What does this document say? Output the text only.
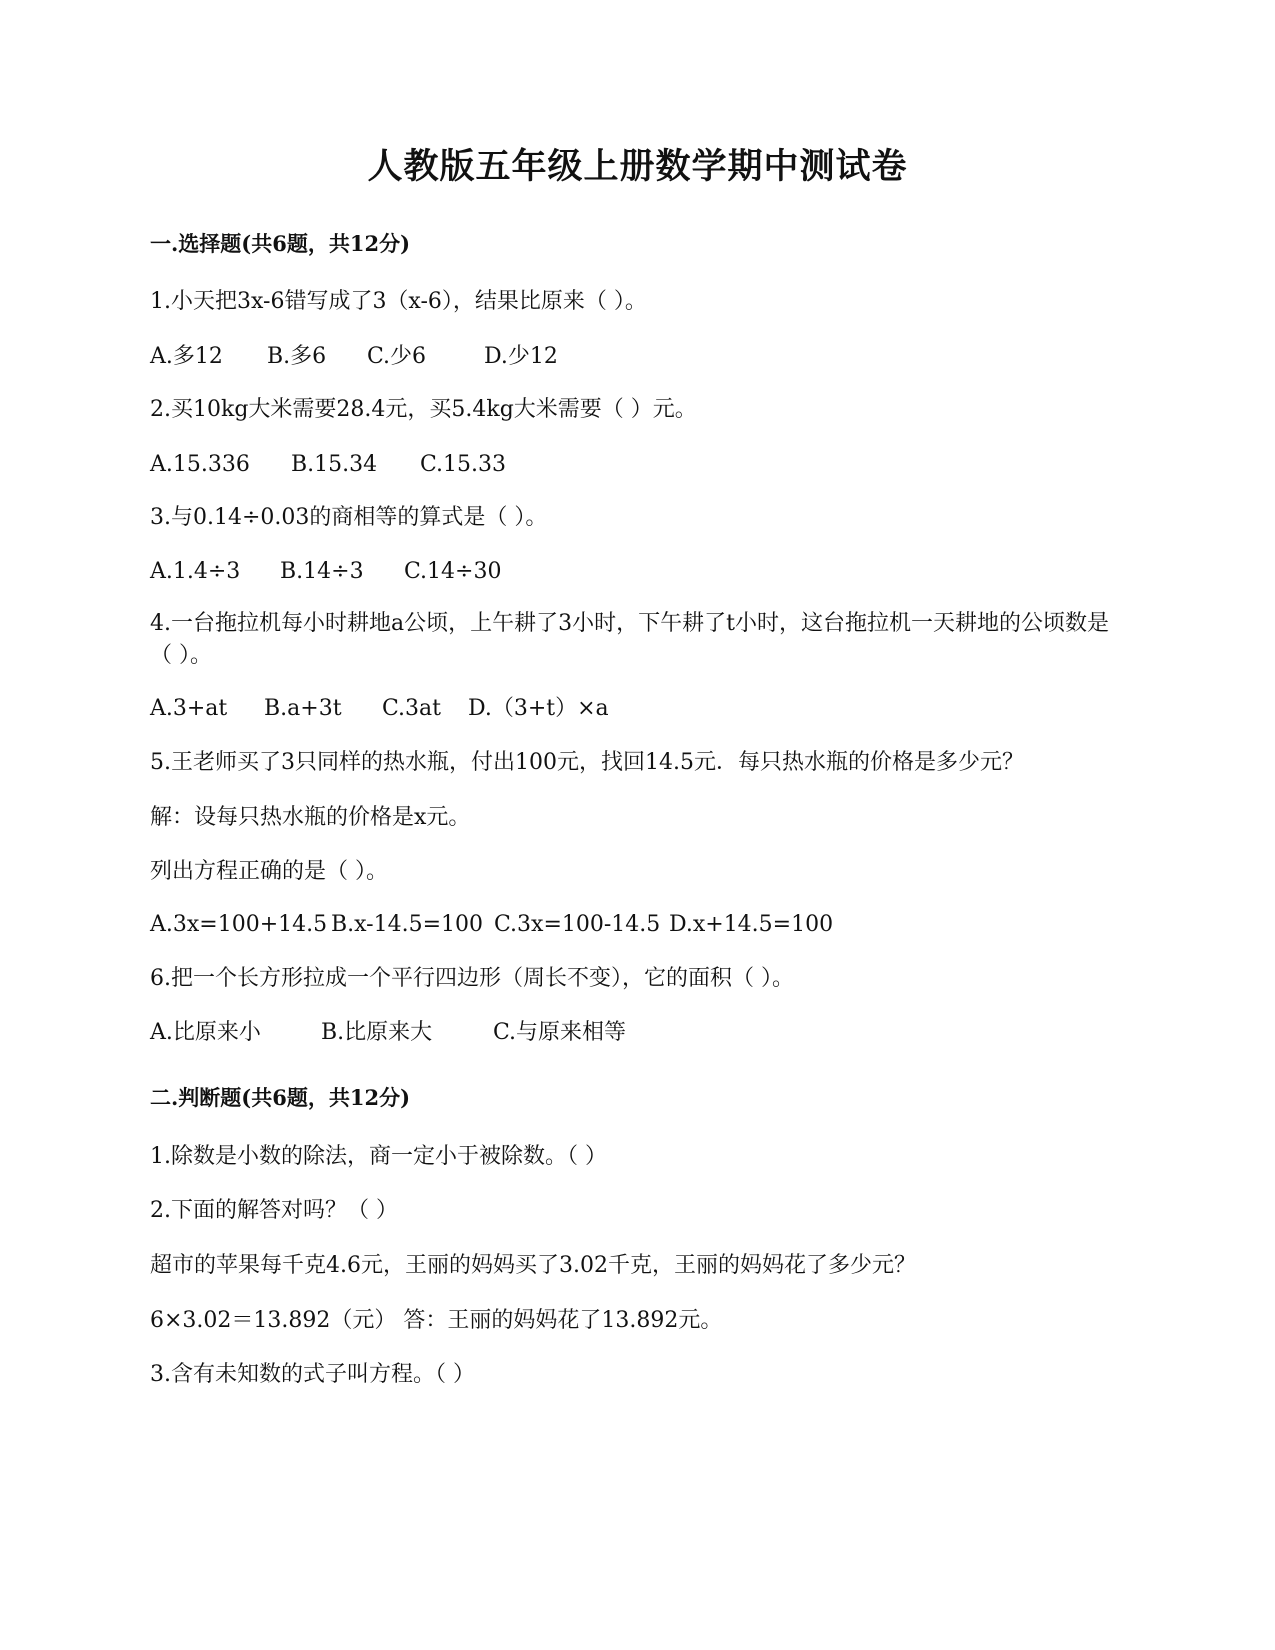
人教版五年级上册数学期中测试卷
一.选择题(共6题，共12分)
1.小天把3x-6错写成了3（x-6），结果比原来（ ）。
A.多12 B.多6 C.少6	D.少12
2.买10kg大米需要28.4元，买5.4kg大米需要（ ）元。
A.15.336 B.15.34 C.15.33
3.与0.14÷0.03的商相等的算式是（ ）。
A.1.4÷3 B.14÷3 C.14÷30
4.一台拖拉机每小时耕地a公顷，上午耕了3小时，下午耕了t小时，这台拖拉机一天耕地的公顷数是（ ）。
A.3+at B.a+3t C.3at D.（3+t）×a
5.王老师买了3只同样的热水瓶，付出100元，找回14.5元．每只热水瓶的价格是多少元？
解：设每只热水瓶的价格是x元。
列出方程正确的是（ ）。
A.3x=100+14.5 B.x-14.5=100 C.3x=100-14.5 D.x+14.5=100
6.把一个长方形拉成一个平行四边形（周长不变），它的面积（ ）。
A.比原来小	B.比原来大	C.与原来相等
二.判断题(共6题，共12分)
1.除数是小数的除法，商一定小于被除数。（ ）
2.下面的解答对吗？（ ）
超市的苹果每千克4.6元，王丽的妈妈买了3.02千克，王丽的妈妈花了多少元？
6×3.02＝13.892（元） 答：王丽的妈妈花了13.892元。
3.含有未知数的式子叫方程。（ ）
